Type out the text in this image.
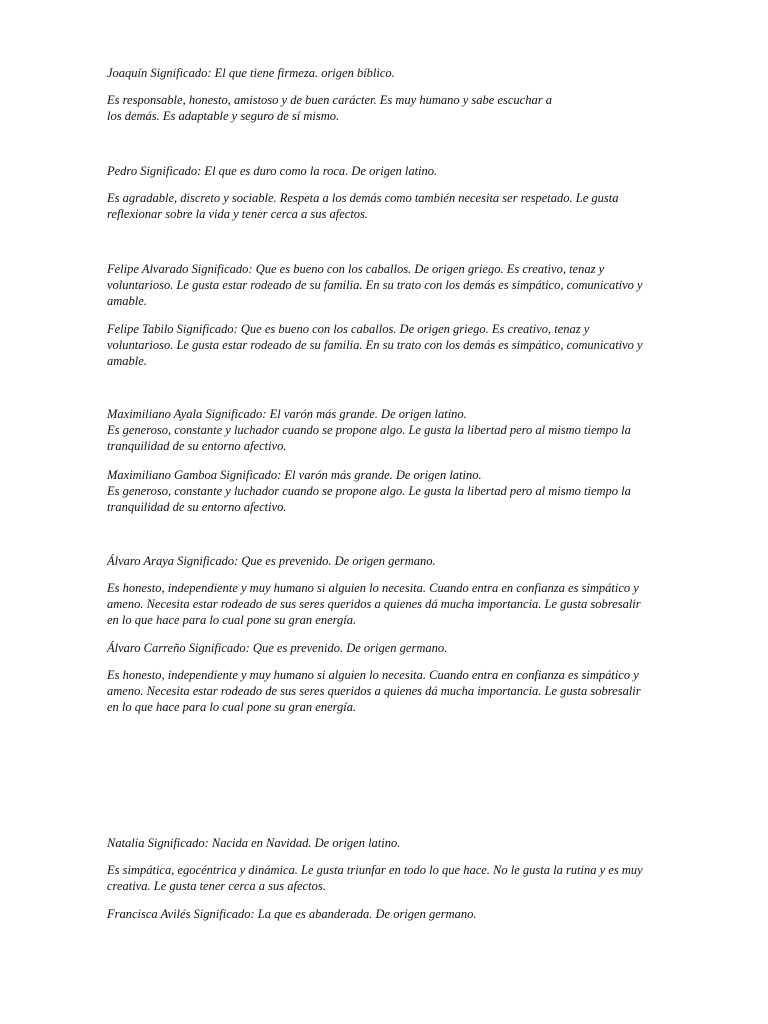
Joaquín Significado: El que tiene firmeza. origen bíblico.

Es responsable, honesto, amistoso y de buen carácter. Es muy humano y sabe escuchar a
los demás. Es adaptable y seguro de sí mismo.

Pedro Significado: El que es duro como la roca. De origen latino.

Es agradable, discreto y sociable. Respeta a los demás como también necesita ser respetado. Le gusta
reflexionar sobre la vida y tener cerca a sus afectos.

Felipe Alvarado Significado: Que es bueno con los caballos. De origen griego. Es creativo, tenaz y
voluntarioso. Le gusta estar rodeado de su familia. En su trato con los demás es simpático, comunicativo y
amable.

Felipe Tabilo Significado: Que es bueno con los caballos. De origen griego. Es creativo, tenaz y
voluntarioso. Le gusta estar rodeado de su familia. En su trato con los demás es simpático, comunicativo y
amable.

Maximiliano Ayala Significado: El varón más grande. De origen latino.
Es generoso, constante y luchador cuando se propone algo. Le gusta la libertad pero al mismo tiempo la
tranquilidad de su entorno afectivo.

Maximiliano Gamboa Significado: El varón más grande. De origen latino.
Es generoso, constante y luchador cuando se propone algo. Le gusta la libertad pero al mismo tiempo la
tranquilidad de su entorno afectivo.

Álvaro Araya Significado: Que es prevenido. De origen germano.

Es honesto, independiente y muy humano si alguien lo necesita. Cuando entra en confianza es simpático y
ameno. Necesita estar rodeado de sus seres queridos a quienes dá mucha importancia. Le gusta sobresalir
en lo que hace para lo cual pone su gran energía.

Álvaro Carreño Significado: Que es prevenido. De origen germano.

Es honesto, independiente y muy humano si alguien lo necesita. Cuando entra en confianza es simpático y
ameno. Necesita estar rodeado de sus seres queridos a quienes dá mucha importancia. Le gusta sobresalir
en lo que hace para lo cual pone su gran energía.

Natalia Significado: Nacida en Navidad. De origen latino.

Es simpática, egocéntrica y dinámica. Le gusta triunfar en todo lo que hace. No le gusta la rutina y es muy
creativa. Le gusta tener cerca a sus afectos.

Francisca Avilés Significado: La que es abanderada. De origen germano.
